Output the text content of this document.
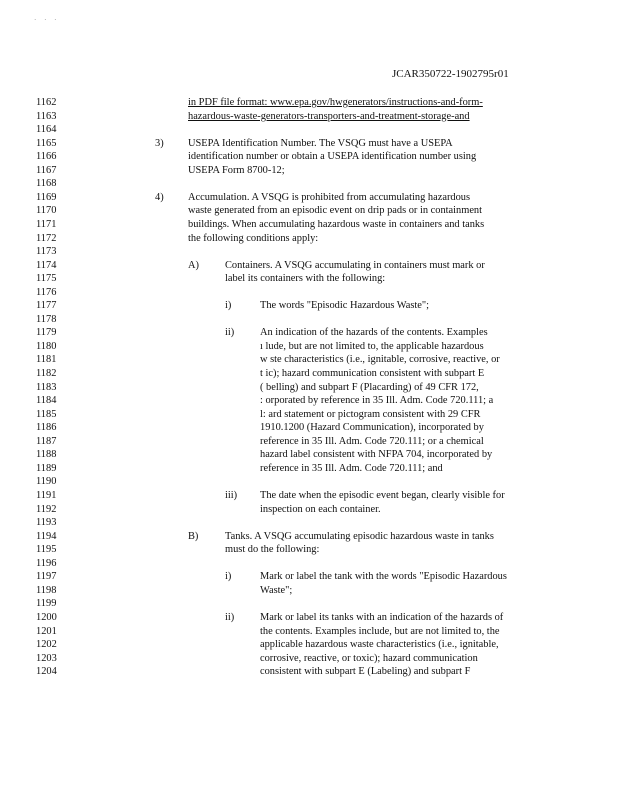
· · ·
JCAR350722-1902795r01
1162	in PDF file format: www.epa.gov/hwgenerators/instructions-and-form-
1163	hazardous-waste-generators-transporters-and-treatment-storage-and
1164
1165	3) USEPA Identification Number. The VSQG must have a USEPA
1166	identification number or obtain a USEPA identification number using
1167	USEPA Form 8700-12;
1168
1169	4) Accumulation. A VSQG is prohibited from accumulating hazardous
1170	waste generated from an episodic event on drip pads or in containment
1171	buildings. When accumulating hazardous waste in containers and tanks
1172	the following conditions apply:
1173
1174	A)	Containers. A VSQG accumulating in containers must mark or
1175	label its containers with the following:
1176
1177	i)	The words "Episodic Hazardous Waste";
1178
1179	ii) An indication of the hazards of the contents. Examples
1180	ı lude, but are not limited to, the applicable hazardous
1181	w ste characteristics (i.e., ignitable, corrosive, reactive, or
1182	t ic); hazard communication consistent with subpart E
1183	( belling) and subpart F (Placarding) of 49 CFR 172,
1184	: orporated by reference in 35 Ill. Adm. Code 720.111; a
1185	l: ard statement or pictogram consistent with 29 CFR
1186	1910.1200 (Hazard Communication), incorporated by
1187	reference in 35 Ill. Adm. Code 720.111; or a chemical
1188	hazard label consistent with NFPA 704, incorporated by
1189	reference in 35 Ill. Adm. Code 720.111; and
1190
1191	iii) The date when the episodic event began, clearly visible for
1192	inspection on each container.
1193
1194	B)	Tanks. A VSQG accumulating episodic hazardous waste in tanks
1195	must do the following:
1196
1197	i)	Mark or label the tank with the words "Episodic Hazardous
1198	Waste";
1199
1200	ii) Mark or label its tanks with an indication of the hazards of
1201	the contents. Examples include, but are not limited to, the
1202	applicable hazardous waste characteristics (i.e., ignitable,
1203	corrosive, reactive, or toxic); hazard communication
1204	consistent with subpart E (Labeling) and subpart F
